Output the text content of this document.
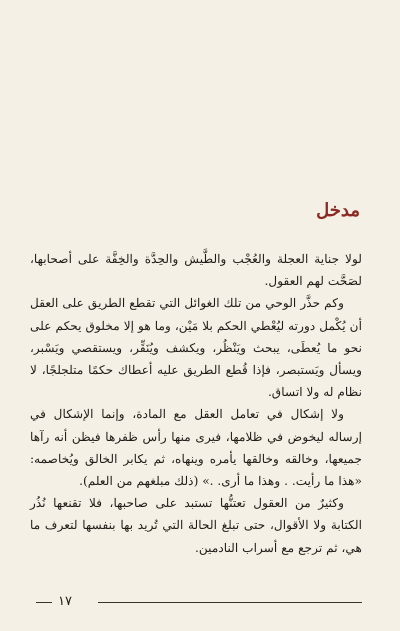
مدخل

لولا جناية العجلة والعُجْب والطَّيش والحِدَّة والخِفَّة على أصحابها، لصَحَّت لهم العقول.

وكم حذَّر الوحي من تلك الغوائل التي تقطع الطريق على العقل أن يُكْمل دورته ليُعْطي الحكم بلا مَيْن، وما هو إلا مخلوق يحكم على نحو ما يُعطَى، يبحث ويَنْظُر، ويكشف ويُنَقِّر، ويستقصي ويَسْبر، ويسأل ويَستبصر، فإذا قُطع الطريق عليه أعطاك حكمًا متلجلجًا، لا نظام له ولا اتساق.

ولا إشكال في تعامل العقل مع المادة، وإنما الإشكال في إرساله ليخوض في ظلامها، فيرى منها رأس ظفرها فيظن أنه رآها جميعها، وخالقه وخالقها يأمره وينهاه، ثم يكابر الخالق ويُخاصمه: «هذا ما رأيت. . وهذا ما أرى. .» (ذلك مبلغهم من العلم).

وكثيرٌ من العقول تعتنُّها تستبد على صاحبها، فلا تقنعها نُذُر الكتابة ولا الأقوال، حتى تبلغ الحالة التي تُريد بها بنفسها لتعرف ما هي، ثم ترجع مع أسراب النادمين.

١٧
